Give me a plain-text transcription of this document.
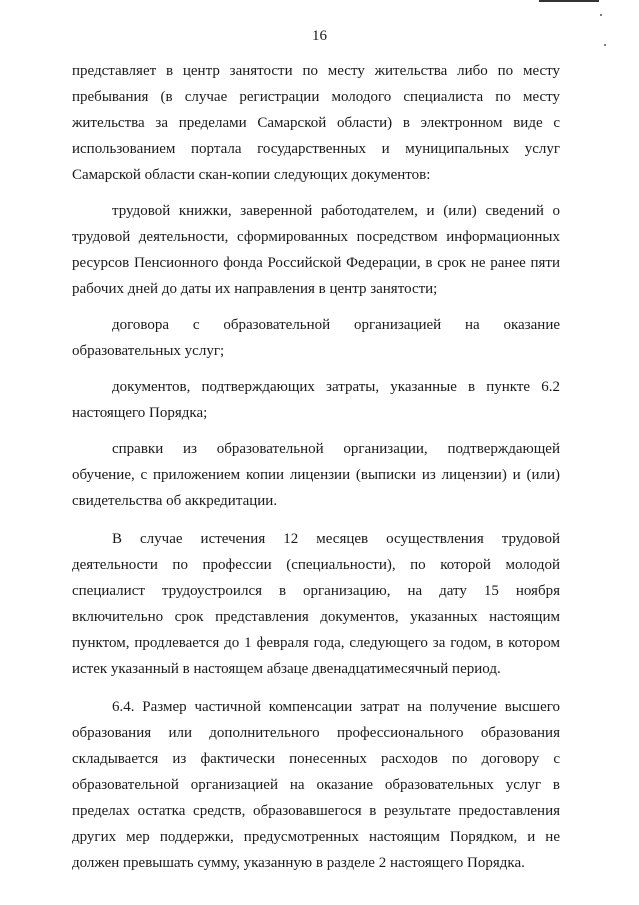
16

представляет в центр занятости по месту жительства либо по месту пребывания (в случае регистрации молодого специалиста по месту жительства за пределами Самарской области) в электронном виде с использованием портала государственных и муниципальных услуг Самарской области скан-копии следующих документов:

трудовой книжки, заверенной работодателем, и (или) сведений о трудовой деятельности, сформированных посредством информационных ресурсов Пенсионного фонда Российской Федерации, в срок не ранее пяти рабочих дней до даты их направления в центр занятости;

договора с образовательной организацией на оказание образовательных услуг;

документов, подтверждающих затраты, указанные в пункте 6.2 настоящего Порядка;

справки из образовательной организации, подтверждающей обучение, с приложением копии лицензии (выписки из лицензии) и (или) свидетельства об аккредитации.

В случае истечения 12 месяцев осуществления трудовой деятельности по профессии (специальности), по которой молодой специалист трудоустроился в организацию, на дату 15 ноября включительно срок представления документов, указанных настоящим пунктом, продлевается до 1 февраля года, следующего за годом, в котором истек указанный в настоящем абзаце двенадцатимесячный период.

6.4. Размер частичной компенсации затрат на получение высшего образования или дополнительного профессионального образования складывается из фактически понесенных расходов по договору с образовательной организацией на оказание образовательных услуг в пределах остатка средств, образовавшегося в результате предоставления других мер поддержки, предусмотренных настоящим Порядком, и не должен превышать сумму, указанную в разделе 2 настоящего Порядка.
